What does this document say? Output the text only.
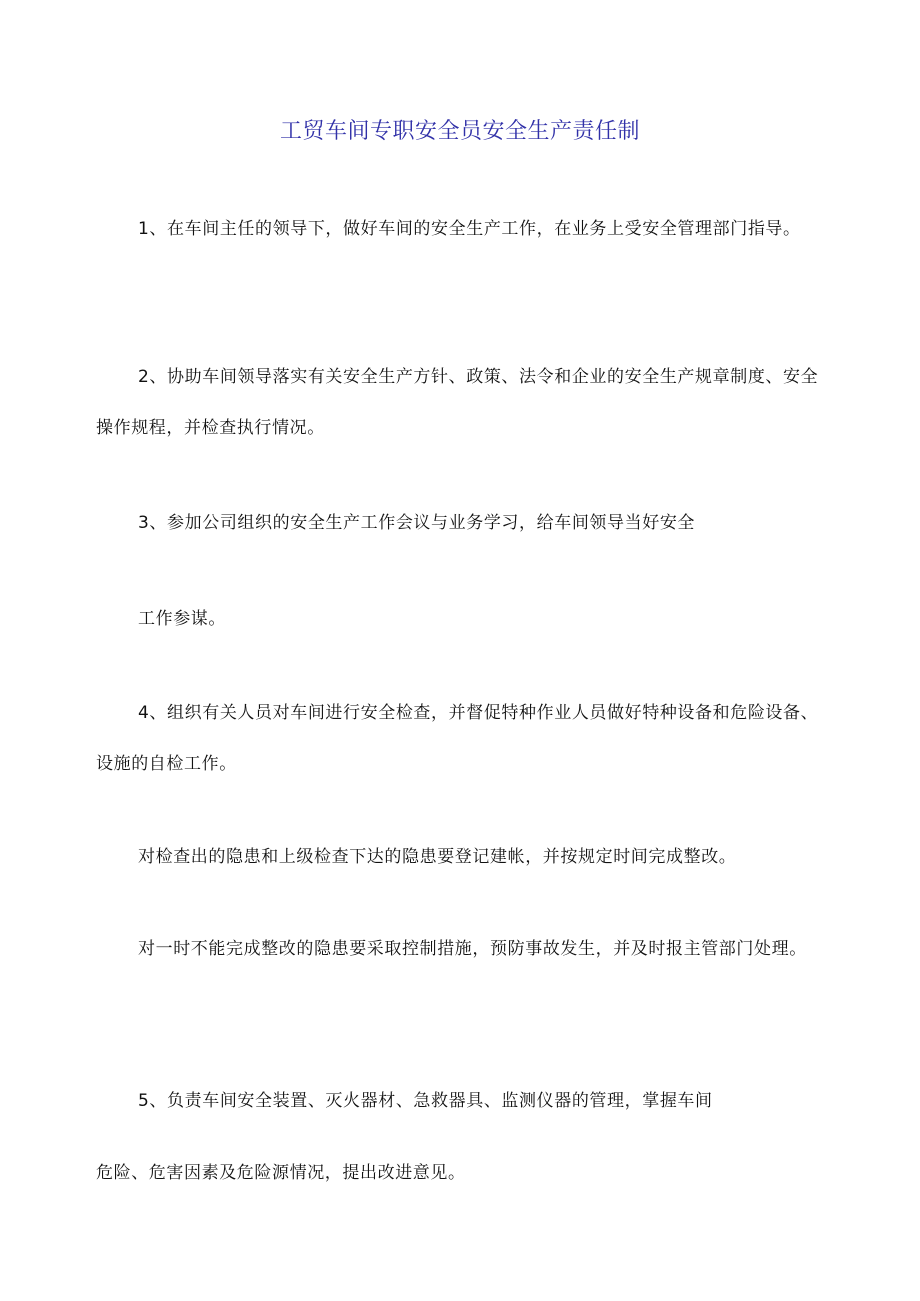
工贸车间专职安全员安全生产责任制

1、在车间主任的领导下，做好车间的安全生产工作，在业务上受安全管理部门指导。

2、协助车间领导落实有关安全生产方针、政策、法令和企业的安全生产规章制度、安全操作规程，并检查执行情况。

3、参加公司组织的安全生产工作会议与业务学习，给车间领导当好安全

工作参谋。

4、组织有关人员对车间进行安全检查，并督促特种作业人员做好特种设备和危险设备、设施的自检工作。

对检查出的隐患和上级检查下达的隐患要登记建帐，并按规定时间完成整改。

对一时不能完成整改的隐患要采取控制措施，预防事故发生，并及时报主管部门处理。

5、负责车间安全装置、灭火器材、急救器具、监测仪器的管理，掌握车间

危险、危害因素及危险源情况，提出改进意见。
